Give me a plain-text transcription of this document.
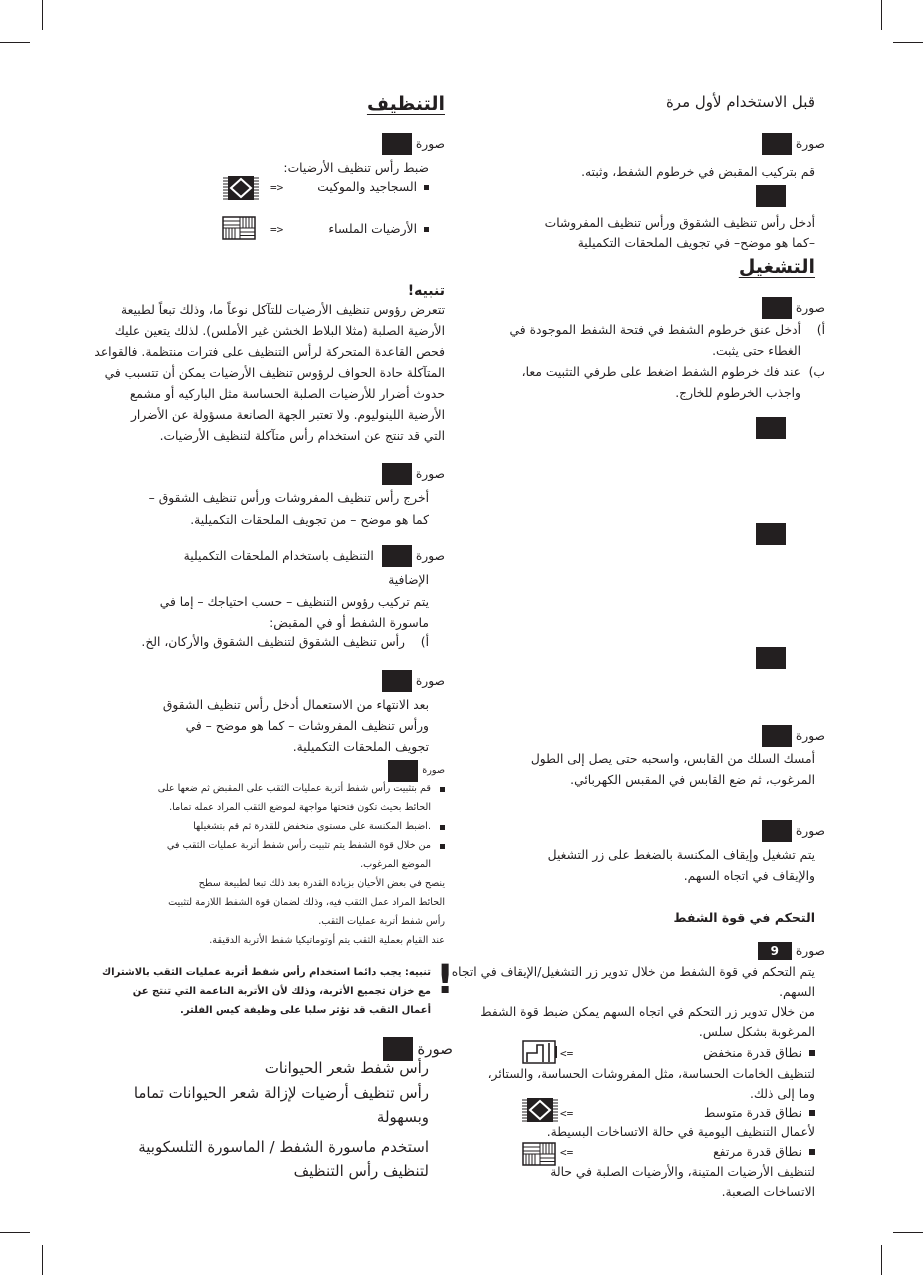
قبل الاستخدام لأول مرة
صورة
قم بتركيب المقبض في خرطوم الشفط، وثبته.
أدخل رأس تنظيف الشقوق ورأس تنظيف المفروشات
–كما هو موضح– في تجويف الملحقات التكميلية
التشغيل
صورة
أ)
أدخل عنق خرطوم الشفط في فتحة الشفط الموجودة في
الغطاء حتى يثبت.
ب)
عند فك خرطوم الشفط اضغط على طرفي التثبيت معا،
واجذب الخرطوم للخارج.
صورة
أمسك السلك من القابس، واسحبه حتى يصل إلى الطول
المرغوب، ثم ضع القابس في المقبس الكهربائي.
صورة
يتم تشغيل وإيقاف المكنسة بالضغط على زر التشغيل
والإيقاف في اتجاه السهم.
التحكم في قوة الشفط
صورة
9
يتم التحكم في قوة الشفط من خلال تدوير زر التشغيل/الإيقاف في اتجاه
السهم.
من خلال تدوير زر التحكم في اتجاه السهم يمكن ضبط قوة الشفط
المرغوبة بشكل سلس.
نطاق قدرة منخفض
<=
لتنظيف الخامات الحساسة، مثل المفروشات الحساسة، والستائر،
وما إلى ذلك.
نطاق قدرة متوسط
<=
لأعمال التنظيف اليومية في حالة الاتساخات البسيطة.
نطاق قدرة مرتفع
<=
لتنظيف الأرضيات المتينة، والأرضيات الصلبة في حالة
الاتساخات الصعبة.
التنظيف
صورة
ضبط رأس تنظيف الأرضيات:
السجاجيد والموكيت
=>
الأرضيات الملساء
=>
تنبيه!
تتعرض رؤوس تنظيف الأرضيات للتآكل نوعاً ما، وذلك تبعاً لطبيعة
الأرضية الصلبة (مثلا البلاط الخشن غير الأملس). لذلك يتعين عليك
فحص القاعدة المتحركة لرأس التنظيف على فترات منتظمة. فالقواعد
المتآكلة حادة الحواف لرؤوس تنظيف الأرضيات يمكن أن تتسبب في
حدوث أضرار للأرضيات الصلبة الحساسة مثل الباركيه أو مشمع
الأرضية اللينوليوم. ولا تعتبر الجهة الصانعة مسؤولة عن الأضرار
التي قد تنتج عن استخدام رأس متآكلة لتنظيف الأرضيات.
صورة
أخرج رأس تنظيف المفروشات ورأس تنظيف الشقوق –
كما هو موضح – من تجويف الملحقات التكميلية.
صورة
التنظيف باستخدام الملحقات التكميلية
الإضافية
يتم تركيب رؤوس التنظيف – حسب احتياجك – إما في
ماسورة الشفط أو في المقبض:
أ)
رأس تنظيف الشقوق لتنظيف الشقوق والأركان، الخ.
صورة
بعد الانتهاء من الاستعمال أدخل رأس تنظيف الشقوق
ورأس تنظيف المفروشات – كما هو موضح – في
تجويف الملحقات التكميلية.
صورة
قم بتثبيت رأس شفط أتربة عمليات الثقب على المقبض ثم ضعها على
الحائط بحيث تكون فتحتها مواجهة لموضع الثقب المراد عمله تماما.
اضبط المكنسة على مستوى منخفض للقدرة ثم قم بتشغيلها.
من خلال قوة الشفط يتم تثبيت رأس شفط أتربة عمليات الثقب في
الموضع المرغوب.
ينصح في بعض الأحيان بزيادة القدرة بعد ذلك تبعا لطبيعة سطح
الحائط المراد عمل الثقب فيه، وذلك لضمان قوة الشفط اللازمة لتثبيت
رأس شفط أتربة عمليات الثقب.
عند القيام بعملية الثقب يتم أوتوماتيكيا شفط الأتربة الدقيقة.
!
تنبيه: يجب دائما استخدام رأس شفط أتربة عمليات الثقب بالاشتراك
مع خزان تجميع الأتربة، وذلك لأن الأتربة الناعمة التي تنتج عن
أعمال الثقب قد تؤثر سلبا على وظيفة كيس الفلتر.
صورة
رأس شفط شعر الحيوانات
رأس تنظيف أرضيات لإزالة شعر الحيوانات تماما
وبسهولة
استخدم ماسورة الشفط / الماسورة التلسكوبية
لتنظيف رأس التنظيف
